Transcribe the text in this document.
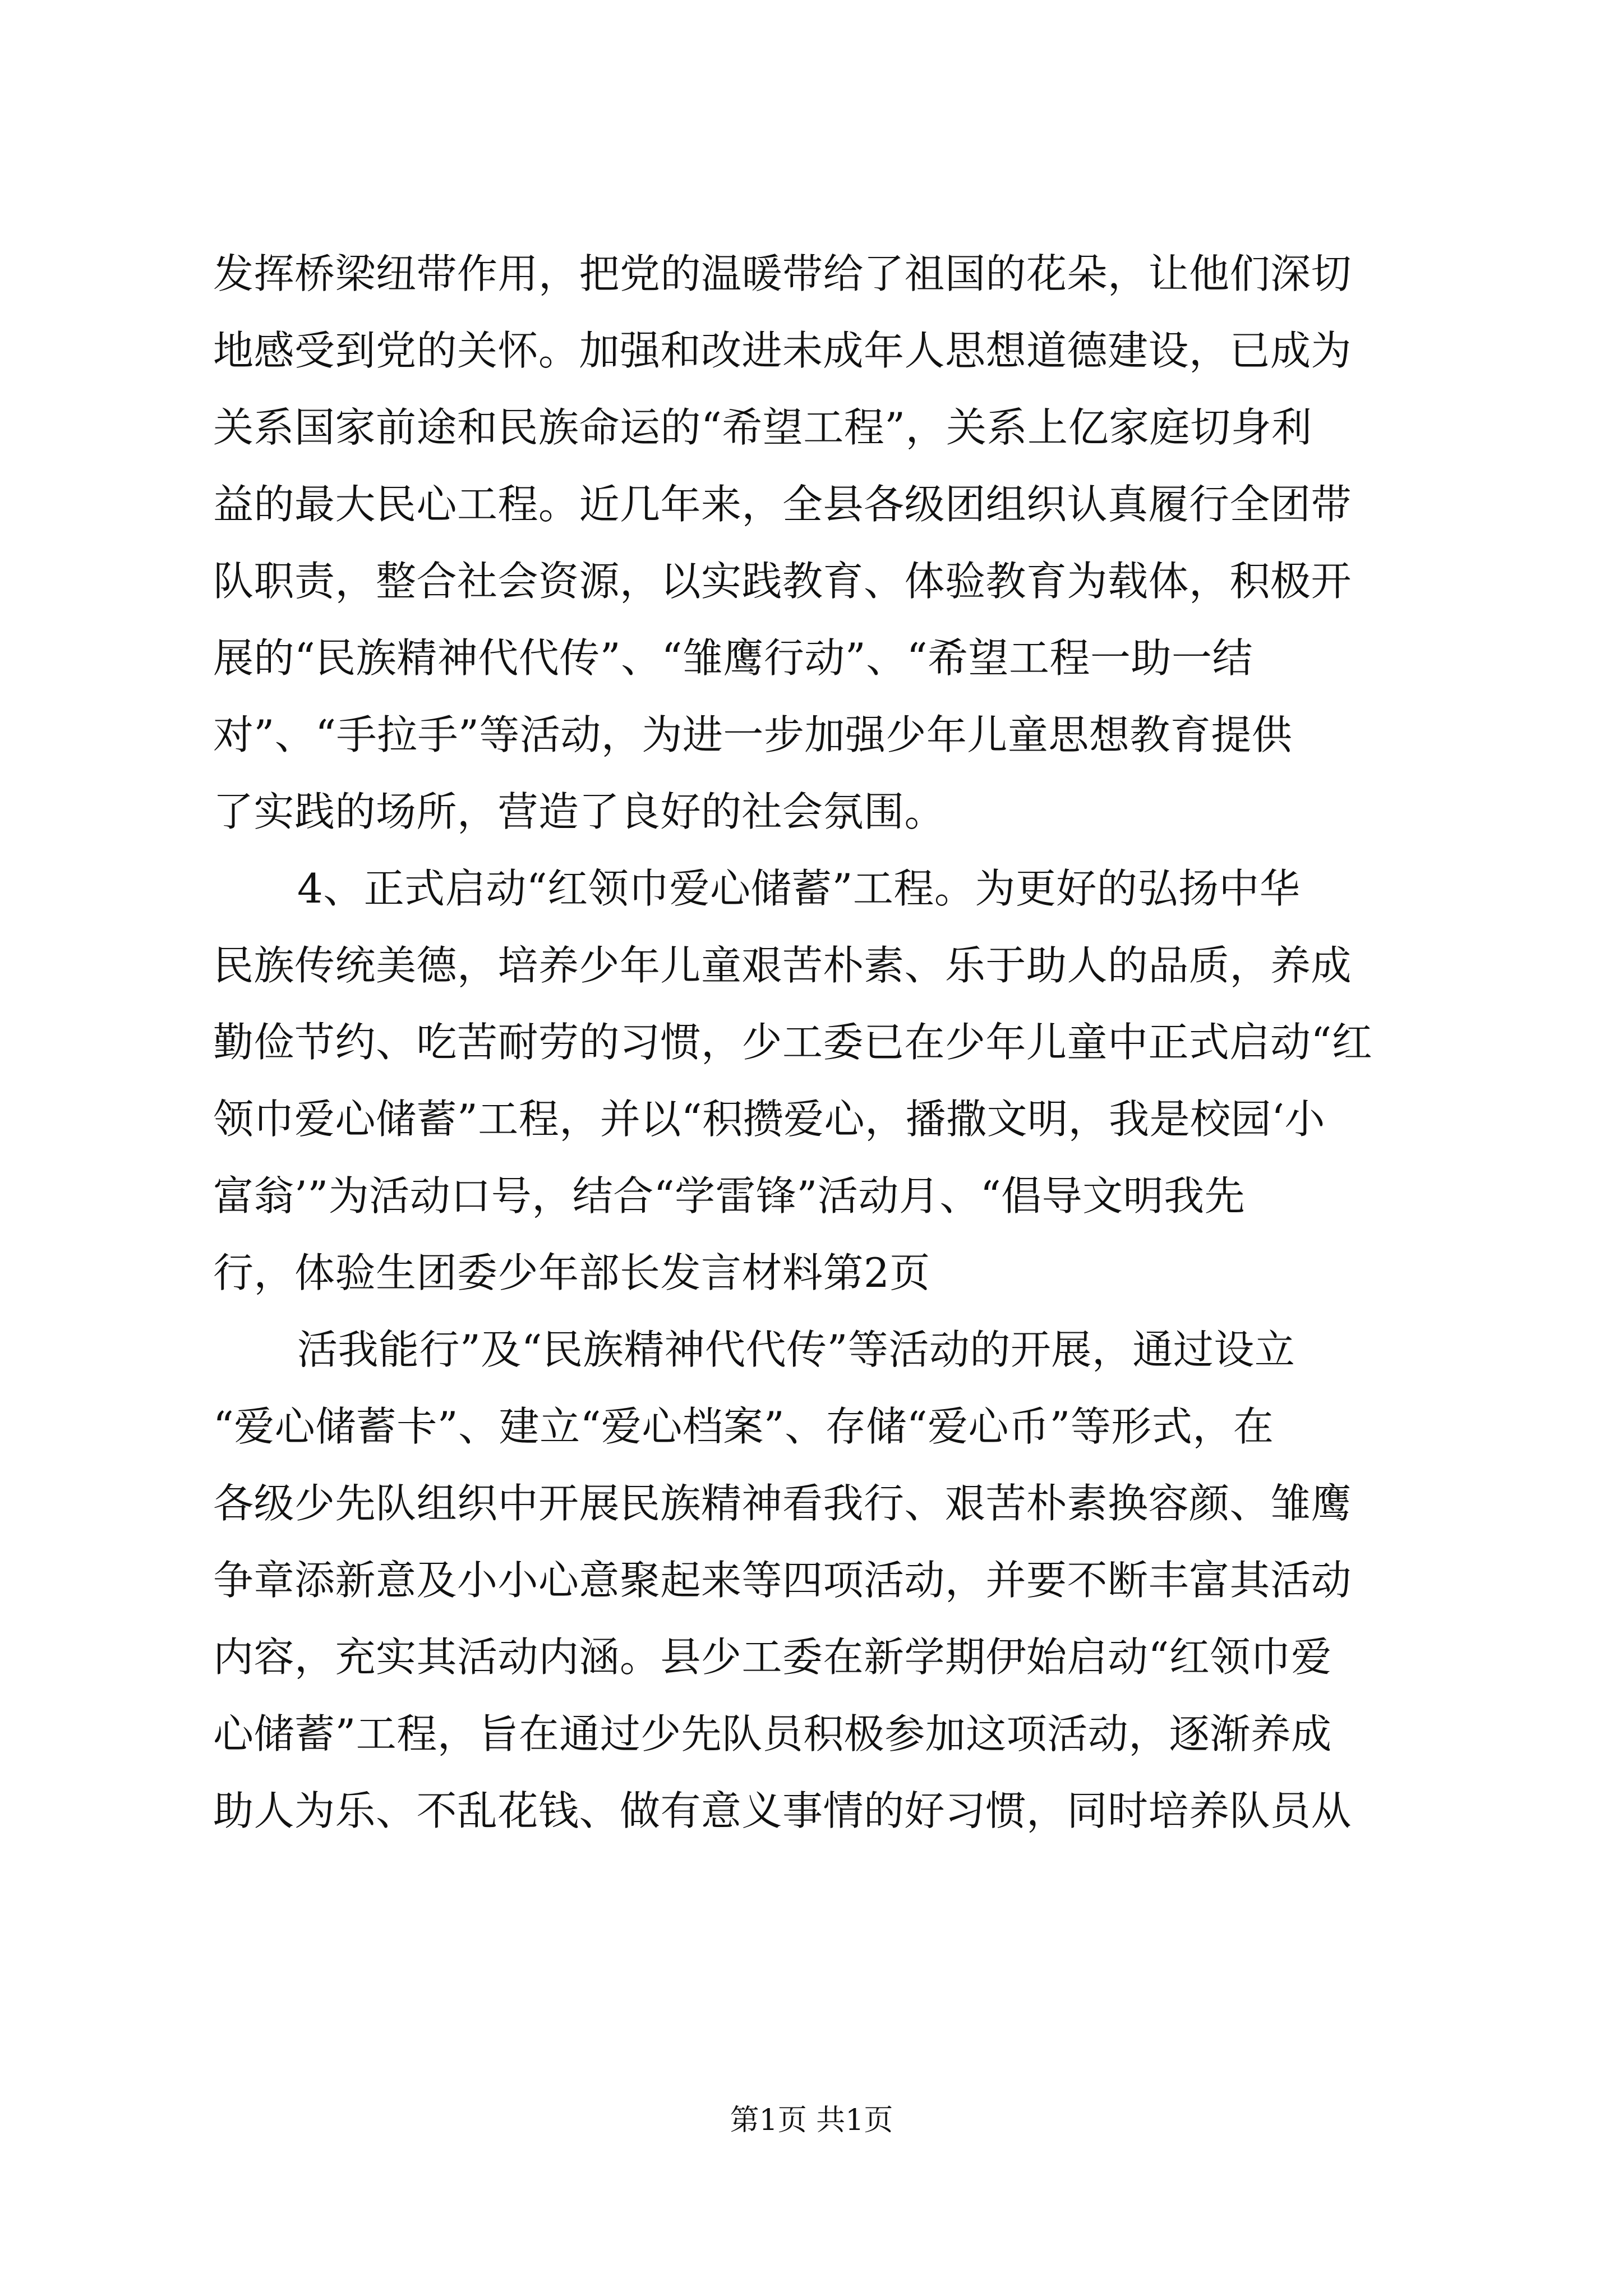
发挥桥梁纽带作用，把党的温暖带给了祖国的花朵，让他们深切
地感受到党的关怀。加强和改进未成年人思想道德建设，已成为
关系国家前途和民族命运的“希望工程”，关系上亿家庭切身利
益的最大民心工程。近几年来，全县各级团组织认真履行全团带
队职责，整合社会资源，以实践教育、体验教育为载体，积极开
展的“民族精神代代传”、“雏鹰行动”、“希望工程一助一结
对”、“手拉手”等活动，为进一步加强少年儿童思想教育提供
了实践的场所，营造了良好的社会氛围。
4、正式启动“红领巾爱心储蓄”工程。为更好的弘扬中华
民族传统美德，培养少年儿童艰苦朴素、乐于助人的品质，养成
勤俭节约、吃苦耐劳的习惯，少工委已在少年儿童中正式启动“红
领巾爱心储蓄”工程，并以“积攒爱心，播撒文明，我是校园‘小
富翁’”为活动口号，结合“学雷锋”活动月、“倡导文明我先
行，体验生团委少年部长发言材料第2页
活我能行”及“民族精神代代传”等活动的开展，通过设立
“爱心储蓄卡”、建立“爱心档案”、存储“爱心币”等形式，在
各级少先队组织中开展民族精神看我行、艰苦朴素换容颜、雏鹰
争章添新意及小小心意聚起来等四项活动，并要不断丰富其活动
内容，充实其活动内涵。县少工委在新学期伊始启动“红领巾爱
心储蓄”工程，旨在通过少先队员积极参加这项活动，逐渐养成
助人为乐、不乱花钱、做有意义事情的好习惯，同时培养队员从
第1页 共1页
